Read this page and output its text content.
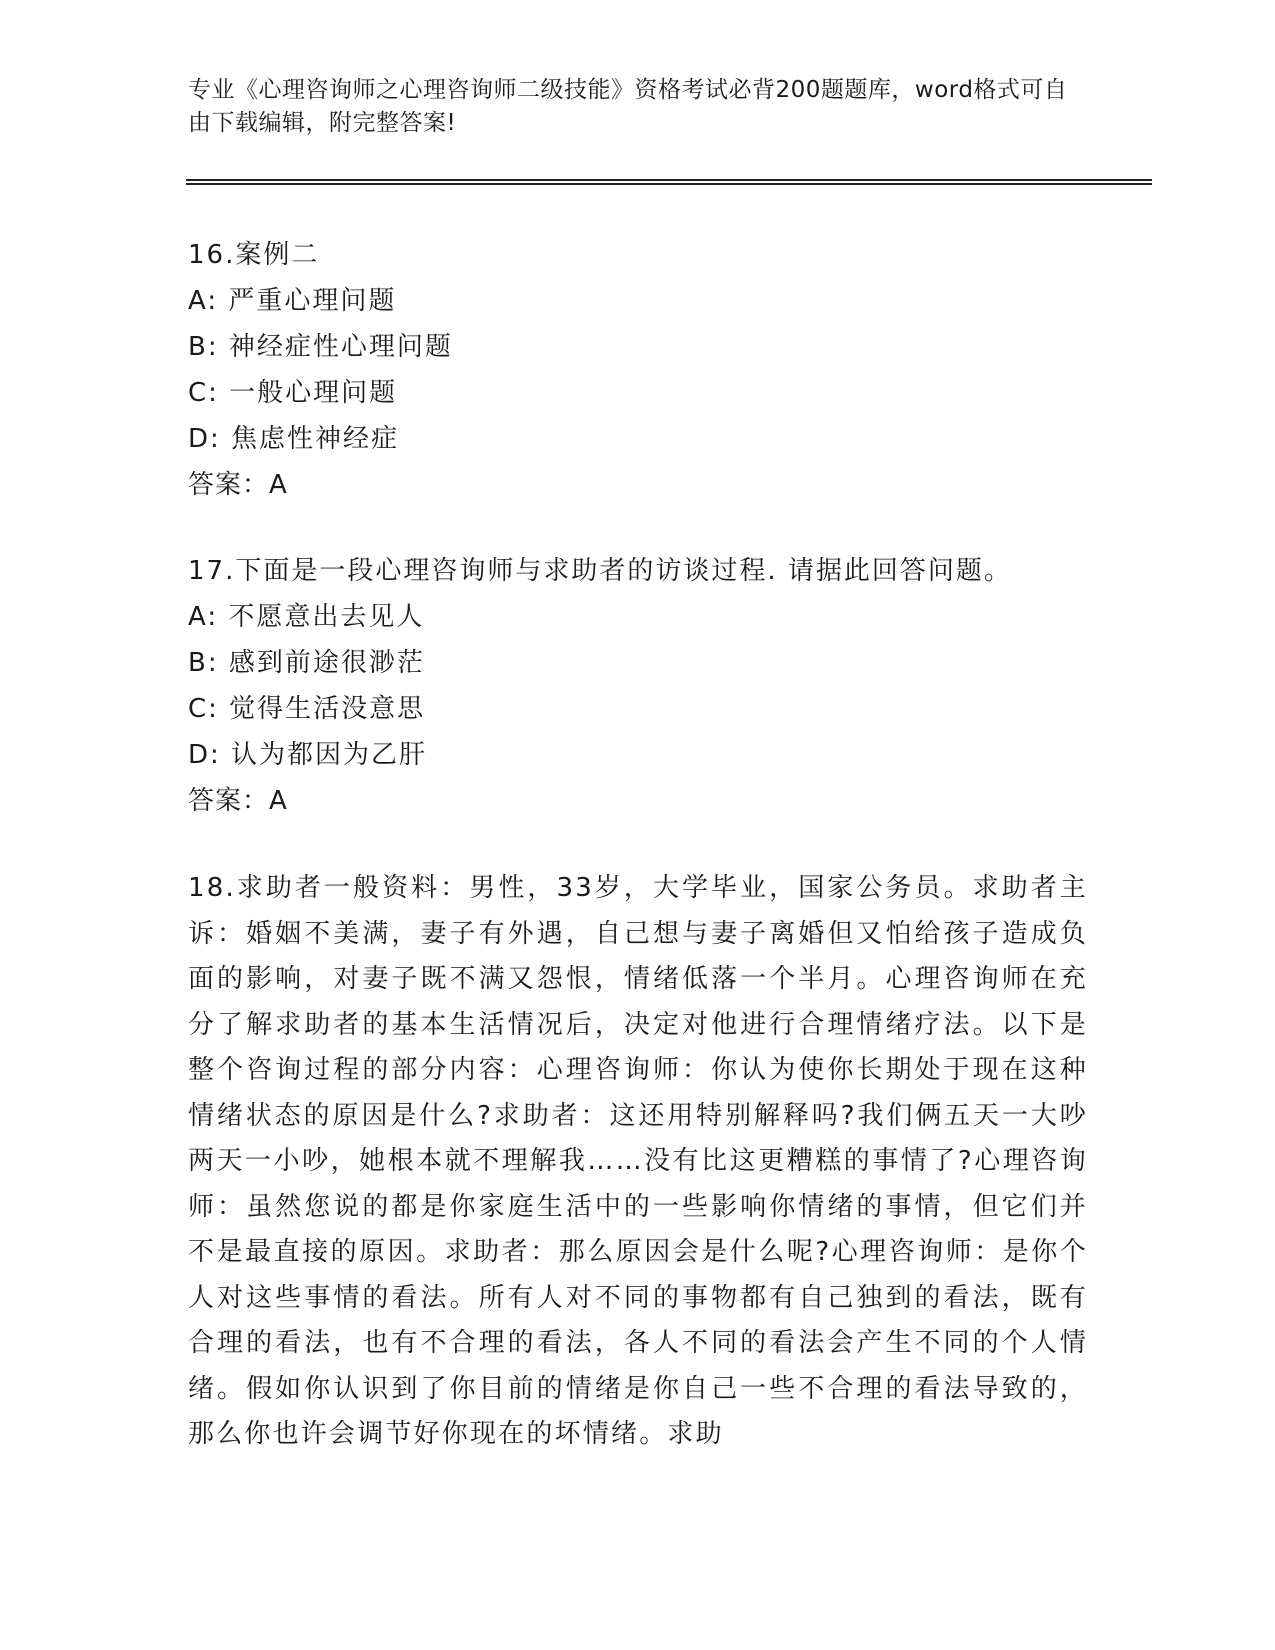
专业《心理咨询师之心理咨询师二级技能》资格考试必背200题题库，word格式可自由下载编辑，附完整答案!
16.案例二
A: 严重心理问题
B: 神经症性心理问题
C: 一般心理问题
D: 焦虑性神经症
答案：A
17.下面是一段心理咨询师与求助者的访谈过程. 请据此回答问题。
A: 不愿意出去见人
B: 感到前途很渺茫
C: 觉得生活没意思
D: 认为都因为乙肝
答案：A
18.求助者一般资料：男性，33岁，大学毕业，国家公务员。求助者主诉：婚姻不美满，妻子有外遇，自己想与妻子离婚但又怕给孩子造成负面的影响，对妻子既不满又怨恨，情绪低落一个半月。心理咨询师在充分了解求助者的基本生活情况后，决定对他进行合理情绪疗法。以下是整个咨询过程的部分内容：心理咨询师：你认为使你长期处于现在这种情绪状态的原因是什么?求助者：这还用特别解释吗?我们俩五天一大吵两天一小吵，她根本就不理解我……没有比这更糟糕的事情了?心理咨询师：虽然您说的都是你家庭生活中的一些影响你情绪的事情，但它们并不是最直接的原因。求助者：那么原因会是什么呢?心理咨询师：是你个人对这些事情的看法。所有人对不同的事物都有自己独到的看法，既有合理的看法，也有不合理的看法，各人不同的看法会产生不同的个人情绪。假如你认识到了你目前的情绪是你自己一些不合理的看法导致的，那么你也许会调节好你现在的坏情绪。求助
